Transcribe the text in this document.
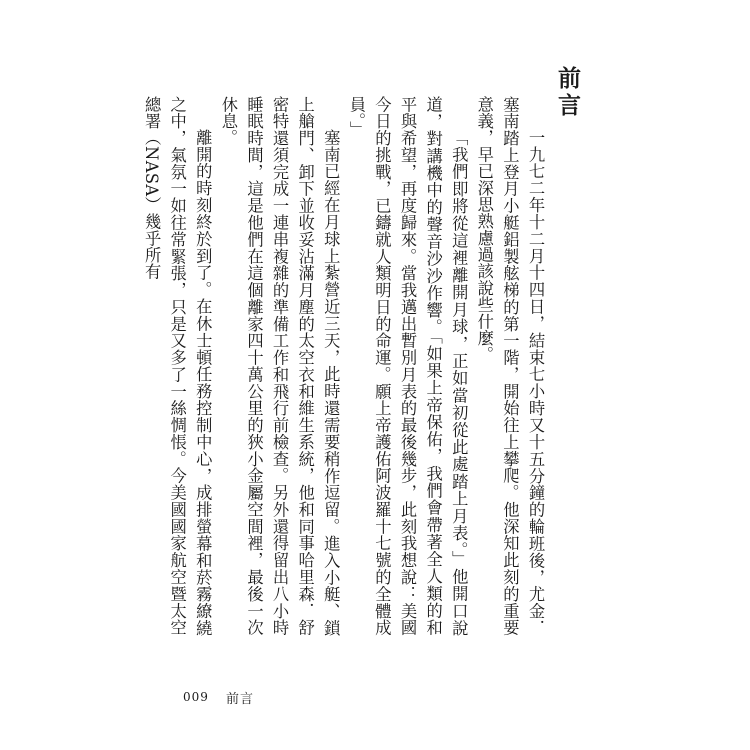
前言

一九七二年十二月十四日，結束七小時又十五分鐘的輪班後，尤金．塞南踏上登月小艇鋁製舷梯的第一階，開始往上攀爬。他深知此刻的重要意義，早已深思熟慮過該說些什麼。

「我們即將從這裡離開月球，正如當初從此處踏上月表。」他開口說道，對講機中的聲音沙沙作響。「如果上帝保佑，我們會帶著全人類的和平與希望，再度歸來。當我邁出暫別月表的最後幾步，此刻我想說：美國今日的挑戰，已鑄就人類明日的命運。願上帝護佑阿波羅十七號的全體成員。」

塞南已經在月球上紮營近三天，此時還需要稍作逗留。進入小艇、鎖上艙門、卸下並收妥沾滿月塵的太空衣和維生系統，他和同事哈里森．舒密特還須完成一連串複雜的準備工作和飛行前檢查。另外還得留出八小時睡眠時間，這是他們在這個離家四十萬公里的狹小金屬空間裡，最後一次休息。

離開的時刻終於到了。在休士頓任務控制中心，成排螢幕和菸霧繚繞之中，氣氛一如往常緊張，只是又多了一絲惆悵。今美國國家航空暨太空總署（NASA）幾乎所有

009 前言
